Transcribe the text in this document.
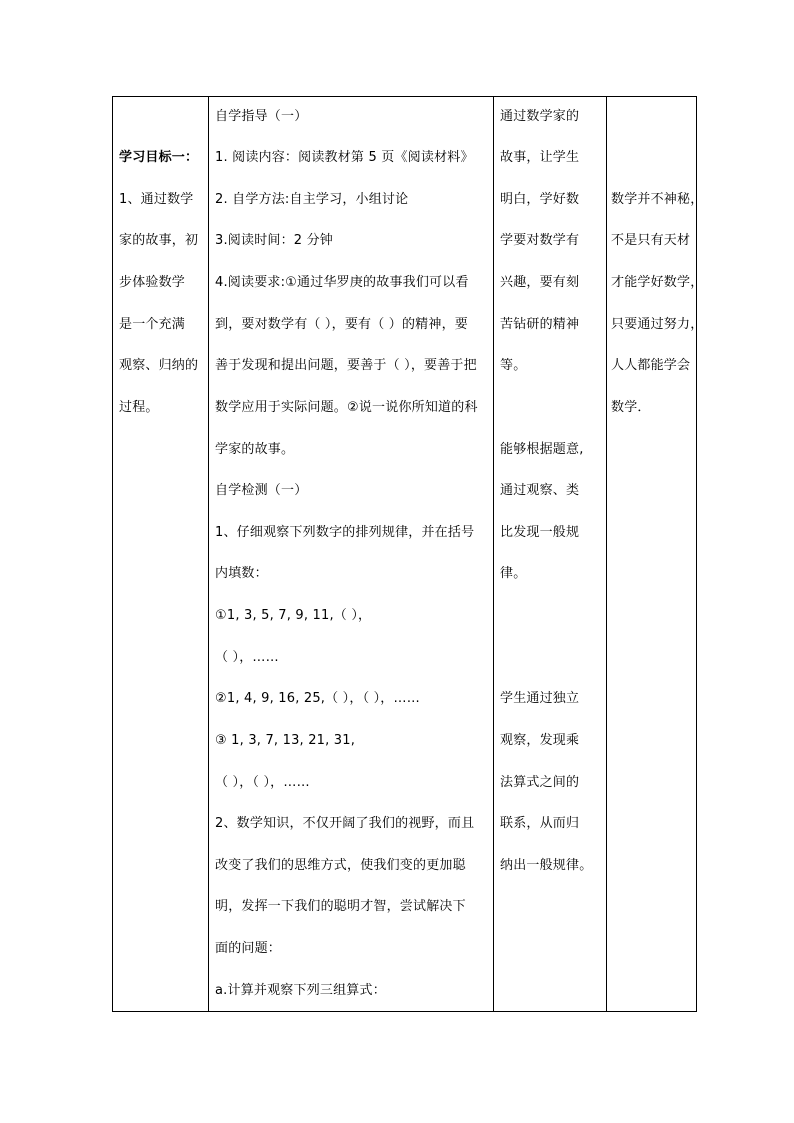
学习目标一：
1、通过数学
家的故事，初
步体验数学
是一个充满
观察、归纳的
过程。
自学指导（一）
1. 阅读内容：阅读教材第 5 页《阅读材料》
2. 自学方法:自主学习，小组讨论
3.阅读时间：2 分钟
4.阅读要求:①通过华罗庚的故事我们可以看
到，要对数学有（ ），要有（ ）的精神，要
善于发现和提出问题，要善于（ ），要善于把
数学应用于实际问题。②说一说你所知道的科
学家的故事。
自学检测（一）
1、仔细观察下列数字的排列规律，并在括号
内填数：
①1, 3, 5, 7, 9, 11,（ ），
（ ），……
②1, 4, 9, 16, 25,（ ），（ ），……
③ 1, 3, 7, 13, 21, 31,
（ ），（ ），……
2、数学知识，不仅开阔了我们的视野，而且
改变了我们的思维方式，使我们变的更加聪
明，发挥一下我们的聪明才智，尝试解决下
面的问题：
a.计算并观察下列三组算式：
通过数学家的
故事，让学生
明白，学好数
学要对数学有
兴趣，要有刻
苦钻研的精神
等。
能够根据题意,
通过观察、类
比发现一般规
律。
学生通过独立
观察，发现乘
法算式之间的
联系，从而归
纳出一般规律。
数学并不神秘，
不是只有天材
才能学好数学，
只要通过努力，
人人都能学会
数学．
